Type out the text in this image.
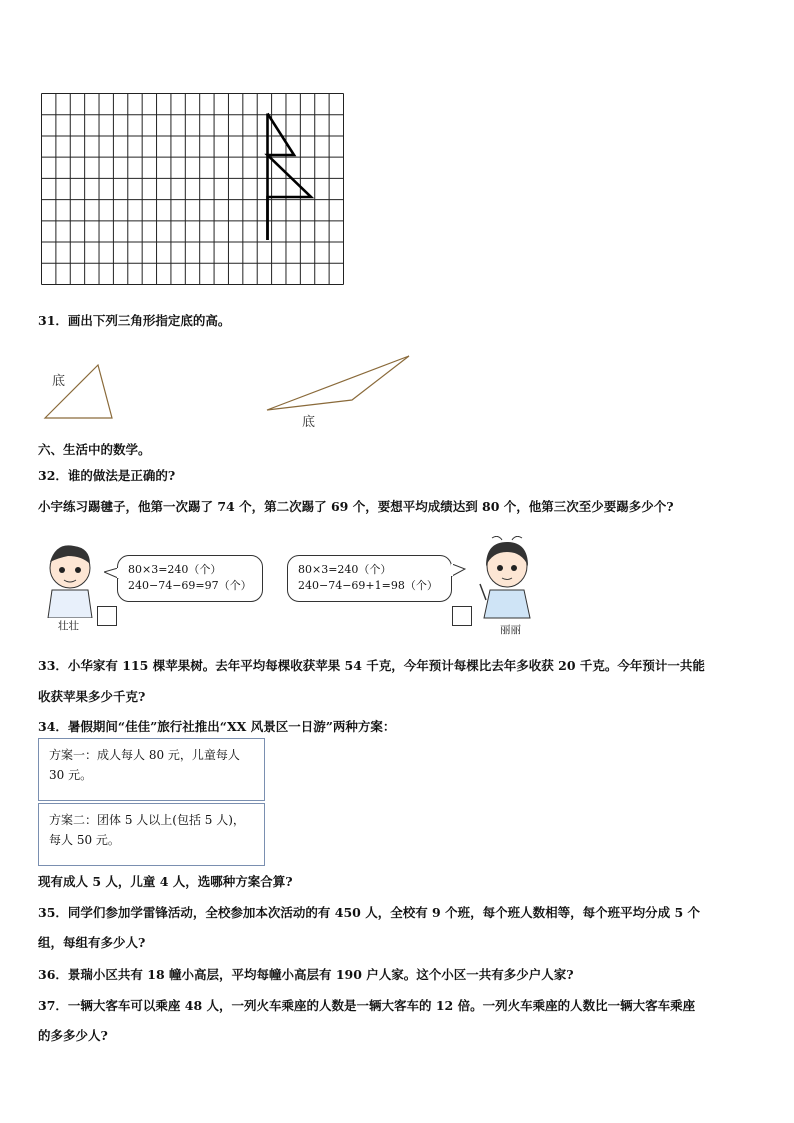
31．画出下列三角形指定底的高。
底
底
六、生活中的数学。
32．谁的做法是正确的?
小宇练习踢毽子，他第一次踢了 74 个，第二次踢了 69 个，要想平均成绩达到 80 个，他第三次至少要踢多少个?
壮壮
80×3=240（个）
240−74−69=97（个）
80×3=240（个）
240−74−69+1=98（个）
丽丽
33．小华家有 115 棵苹果树。去年平均每棵收获苹果 54 千克，今年预计每棵比去年多收获 20 千克。今年预计一共能
收获苹果多少千克?
34．暑假期间“佳佳”旅行社推出“XX 风景区一日游”两种方案：
方案一：成人每人 80 元，儿童每人 30 元。
方案二：团体 5 人以上(包括 5 人)，每人 50 元。
现有成人 5 人，儿童 4 人，选哪种方案合算?
35．同学们参加学雷锋活动，全校参加本次活动的有 450 人，全校有 9 个班，每个班人数相等，每个班平均分成 5 个
组，每组有多少人?
36．景瑞小区共有 18 幢小高层，平均每幢小高层有 190 户人家。这个小区一共有多少户人家?
37．一辆大客车可以乘座 48 人，一列火车乘座的人数是一辆大客车的 12 倍。一列火车乘座的人数比一辆大客车乘座
的多多少人?
